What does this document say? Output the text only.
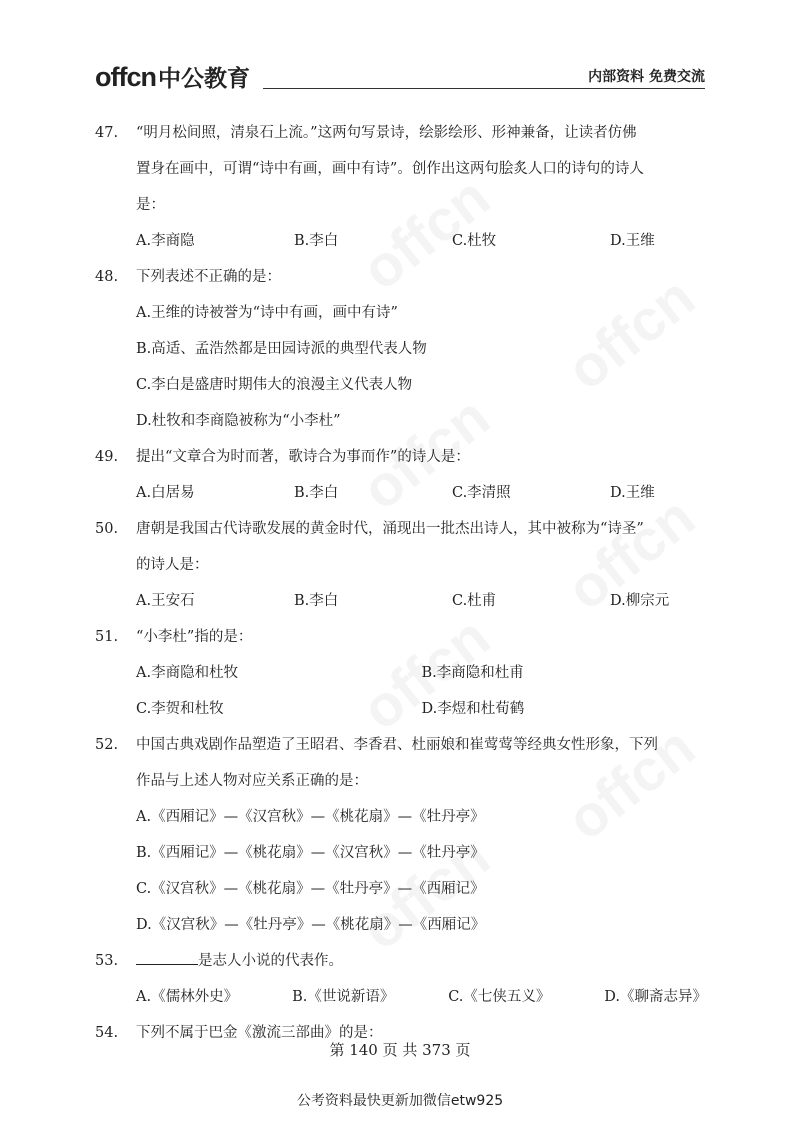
offcn 中公教育	内部资料 免费交流
47. “明月松间照，清泉石上流。”这两句写景诗，绘影绘形、形神兼备，让读者仿佛
置身在画中，可谓“诗中有画，画中有诗”。创作出这两句脍炙人口的诗句的诗人
是：
A.李商隐	B.李白	C.杜牧	D.王维
48. 下列表述不正确的是：
A.王维的诗被誉为“诗中有画，画中有诗”
B.高适、孟浩然都是田园诗派的典型代表人物
C.李白是盛唐时期伟大的浪漫主义代表人物
D.杜牧和李商隐被称为“小李杜”
49. 提出“文章合为时而著，歌诗合为事而作”的诗人是：
A.白居易	B.李白	C.李清照	D.王维
50. 唐朝是我国古代诗歌发展的黄金时代，涌现出一批杰出诗人，其中被称为“诗圣”
的诗人是：
A.王安石	B.李白	C.杜甫	D.柳宗元
51. “小李杜”指的是：
A.李商隐和杜牧	B.李商隐和杜甫
C.李贺和杜牧	D.李煜和杜荀鹤
52. 中国古典戏剧作品塑造了王昭君、李香君、杜丽娘和崔莺莺等经典女性形象，下列
作品与上述人物对应关系正确的是：
A.《西厢记》—《汉宫秋》—《桃花扇》—《牡丹亭》
B.《西厢记》—《桃花扇》—《汉宫秋》—《牡丹亭》
C.《汉宫秋》—《桃花扇》—《牡丹亭》—《西厢记》
D.《汉宫秋》—《牡丹亭》—《桃花扇》—《西厢记》
53.	是志人小说的代表作。
A.《儒林外史》	B.《世说新语》	C.《七侠五义》	D.《聊斋志异》
54. 下列不属于巴金《激流三部曲》的是：
第 140 页 共 373 页
公考资料最快更新加微信etw925
